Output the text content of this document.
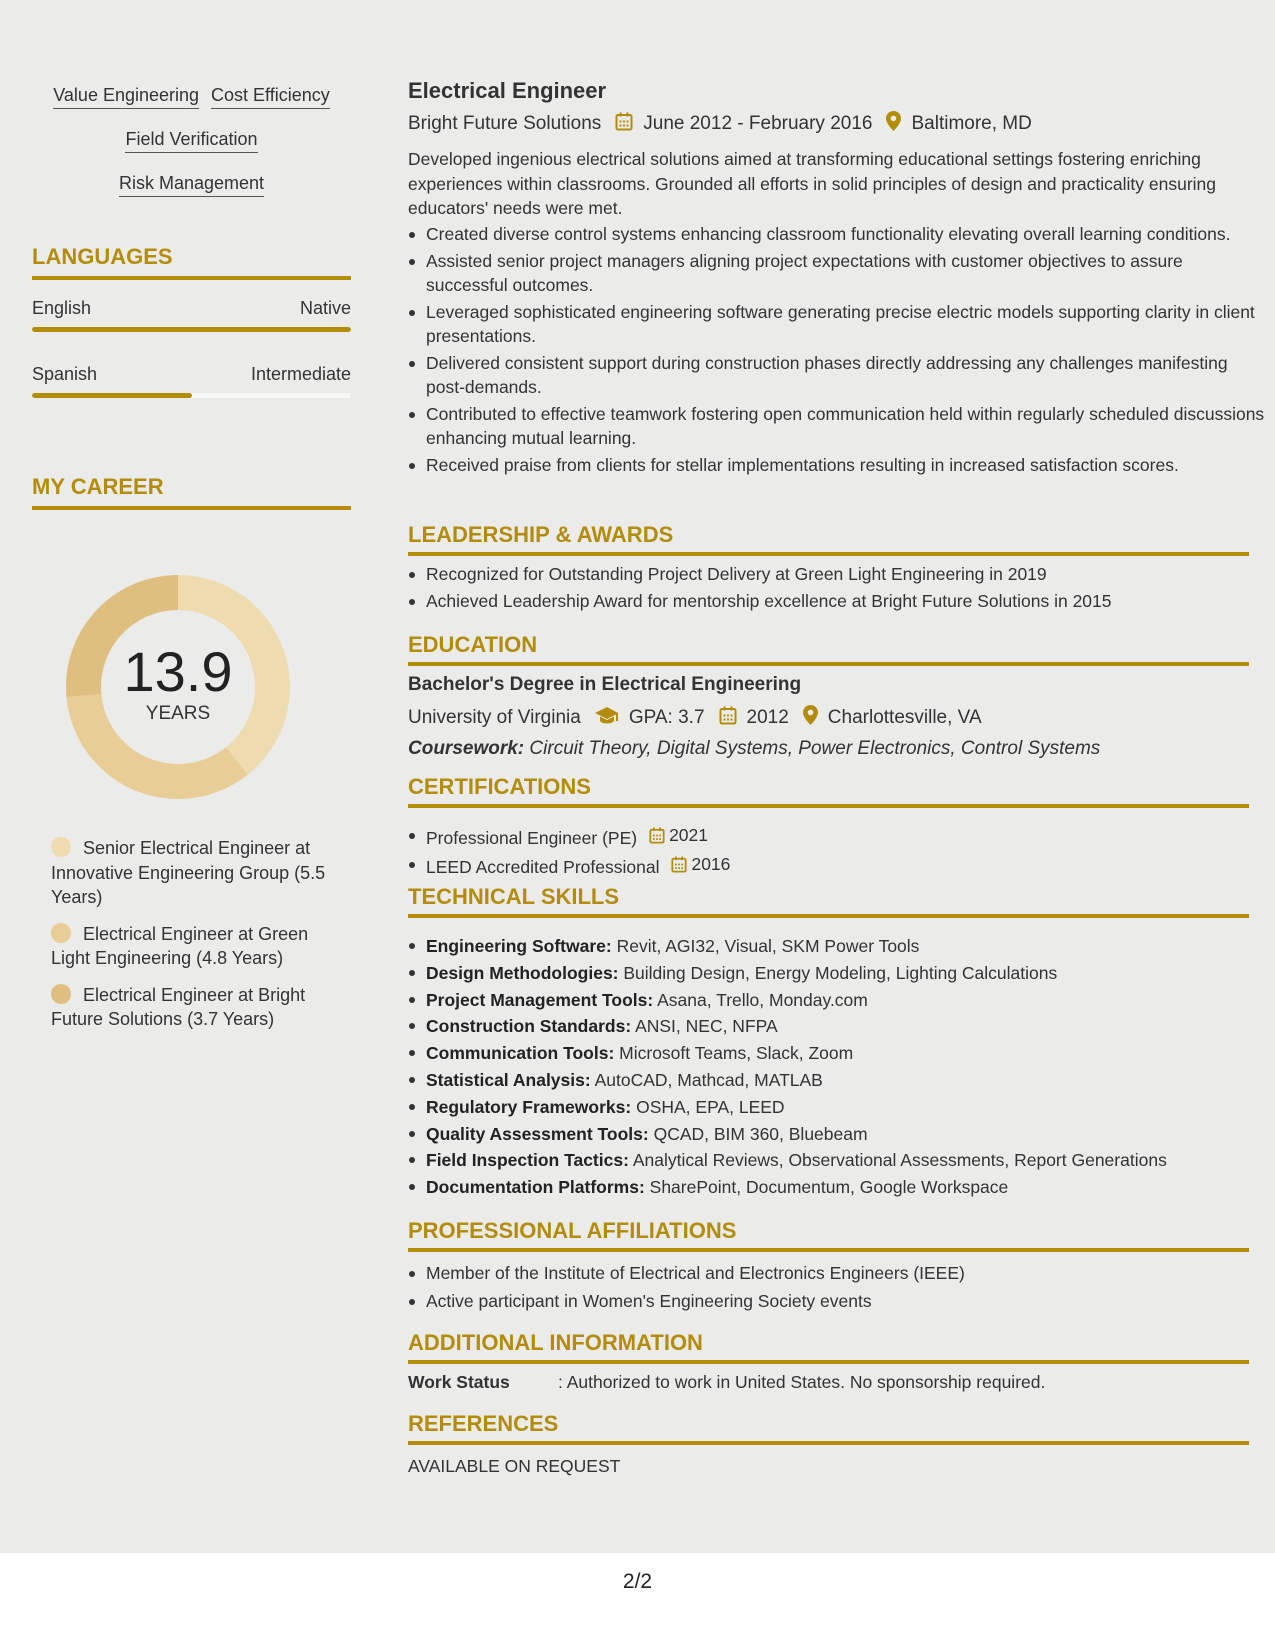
Value Engineering Cost Efficiency
Field Verification
Risk Management
LANGUAGES
English	Native
Spanish	Intermediate
MY CAREER
13.9
YEARS
Senior Electrical Engineer at Innovative Engineering Group (5.5 Years)
Electrical Engineer at Green Light Engineering (4.8 Years)
Electrical Engineer at Bright Future Solutions (3.7 Years)
Electrical Engineer
Bright Future Solutions June 2012 - February 2016 Baltimore, MD
Developed ingenious electrical solutions aimed at transforming educational settings fostering enriching experiences within classrooms. Grounded all efforts in solid principles of design and practicality ensuring educators' needs were met.
Created diverse control systems enhancing classroom functionality elevating overall learning conditions.
Assisted senior project managers aligning project expectations with customer objectives to assure successful outcomes.
Leveraged sophisticated engineering software generating precise electric models supporting clarity in client presentations.
Delivered consistent support during construction phases directly addressing any challenges manifesting post-demands.
Contributed to effective teamwork fostering open communication held within regularly scheduled discussions enhancing mutual learning.
Received praise from clients for stellar implementations resulting in increased satisfaction scores.
LEADERSHIP & AWARDS
Recognized for Outstanding Project Delivery at Green Light Engineering in 2019
Achieved Leadership Award for mentorship excellence at Bright Future Solutions in 2015
EDUCATION
Bachelor's Degree in Electrical Engineering
University of Virginia	GPA: 3.7 2012 Charlottesville, VA
Coursework: Circuit Theory, Digital Systems, Power Electronics, Control Systems
CERTIFICATIONS
Professional Engineer (PE) 2021
LEED Accredited Professional 2016
TECHNICAL SKILLS
Engineering Software: Revit, AGI32, Visual, SKM Power Tools
Design Methodologies: Building Design, Energy Modeling, Lighting Calculations
Project Management Tools: Asana, Trello, Monday.com
Construction Standards: ANSI, NEC, NFPA
Communication Tools: Microsoft Teams, Slack, Zoom
Statistical Analysis: AutoCAD, Mathcad, MATLAB
Regulatory Frameworks: OSHA, EPA, LEED
Quality Assessment Tools: QCAD, BIM 360, Bluebeam
Field Inspection Tactics: Analytical Reviews, Observational Assessments, Report Generations
Documentation Platforms: SharePoint, Documentum, Google Workspace
PROFESSIONAL AFFILIATIONS
Member of the Institute of Electrical and Electronics Engineers (IEEE)
Active participant in Women's Engineering Society events
ADDITIONAL INFORMATION
Work Status	: Authorized to work in United States. No sponsorship required.
REFERENCES
AVAILABLE ON REQUEST
2/2
